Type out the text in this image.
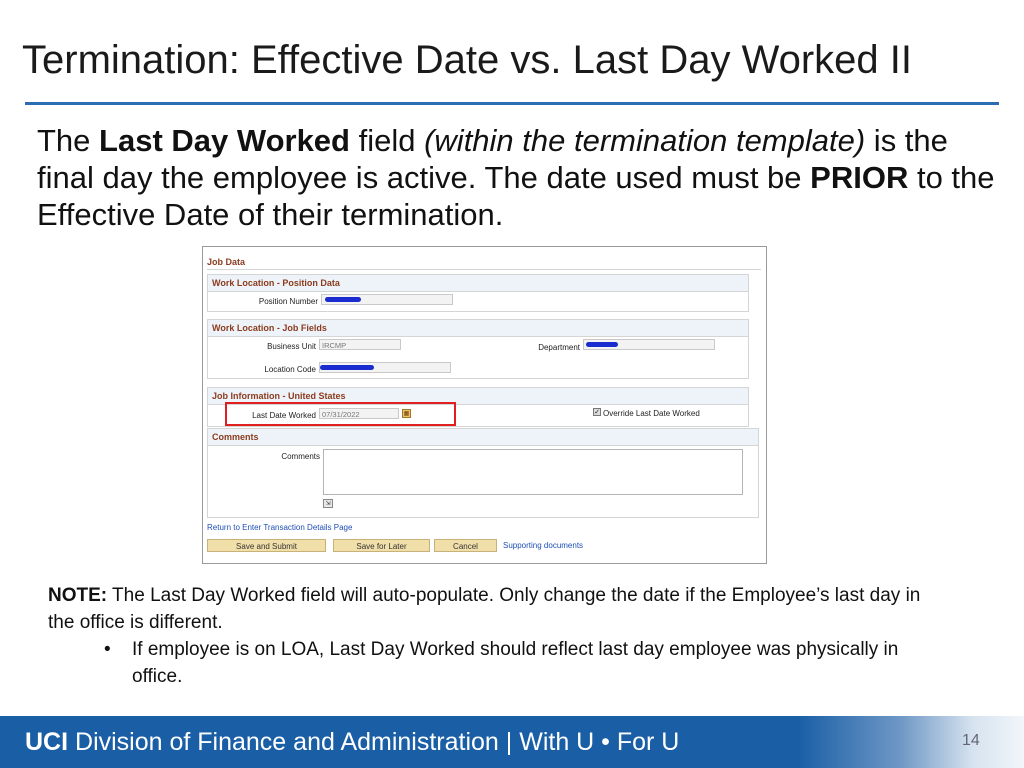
Termination: Effective Date vs. Last Day Worked II
The Last Day Worked field (within the termination template) is the final day the employee is active. The date used must be PRIOR to the Effective Date of their termination.
Job Data
Work Location - Position Data
Position Number
Work Location - Job Fields
Business Unit IRCMP	Department
Location Code
Job Information - United States
Last Date Worked 07/31/2022	▦	✓ Override Last Date Worked
Comments
Comments
⇲
Return to Enter Transaction Details Page
Save and Submit	Save for Later	Cancel	Supporting documents
NOTE: The Last Day Worked field will auto-populate. Only change the date if the Employee’s last day in the office is different.
• If employee is on LOA, Last Day Worked should reflect last day employee was physically in office.
UCI Division of Finance and Administration | With U • For U	14
